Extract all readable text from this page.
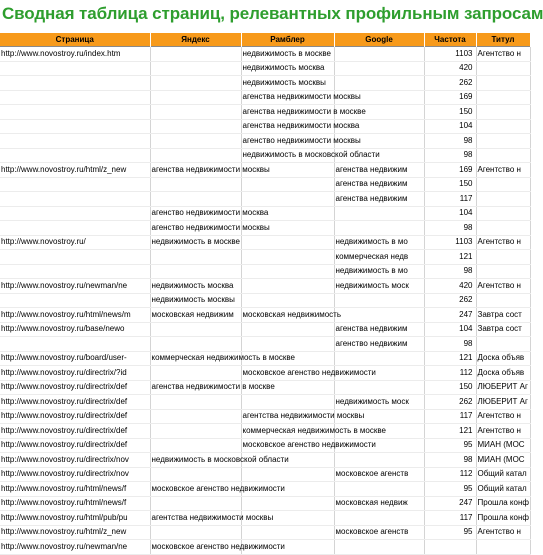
Сводная таблица страниц, релевантных профильным запросам
Страница	Яндекс	Рамблер	Google	Частота	Титул
http://www.novostroy.ru/index.htm		недвижимость в москве		1103	Агентство н
		недвижимость москва		420	
		недвижимость москвы		262	
		агенства недвижимости москвы		169	
		агенства недвижимости в москве		150	
		агенства недвижимости москва		104	
		агенство недвижимости москвы		98	
		недвижимость в московской области		98	
http://www.novostroy.ru/html/z_new	агенства недвижимости москвы		агенства недвижим	169	Агентство н
			агенства недвижим	150	
			агенства недвижим	117	
	агенство недвижимости москва			104	
	агенство недвижимости москвы			98	
http://www.novostroy.ru/	недвижимость в москве		недвижимость в мо	1103	Агентство н
			коммерческая недв	121	
			недвижимость в мо	98	
http://www.novostroy.ru/newman/ne	недвижимость москва		недвижимость моск	420	Агентство н
	недвижимость москвы			262	
http://www.novostroy.ru/html/news/m	московская недвижим	московская недвижимость		247	Завтра сост
http://www.novostroy.ru/base/newo			агенства недвижим	104	Завтра сост
			агенство недвижим	98	
http://www.novostroy.ru/board/user-	коммерческая недвижимость в москве			121	Доска объяв
http://www.novostroy.ru/directrix/?id		московское агенство недвижимости		112	Доска объяв
http://www.novostroy.ru/directrix/def	агенства недвижимости в москве			150	ЛЮБЕРИТ Аг
http://www.novostroy.ru/directrix/def			недвижимость моск	262	ЛЮБЕРИТ Аг
http://www.novostroy.ru/directrix/def		агентства недвижимости москвы		117	Агентство н
http://www.novostroy.ru/directrix/def		коммерческая недвижимость в москве		121	Агентство н
http://www.novostroy.ru/directrix/def		московское агенство недвижимости		95	МИАН (МОС
http://www.novostroy.ru/directrix/nov	недвижимость в московской области			98	МИАН (МОС
http://www.novostroy.ru/directrix/nov			московское агенств	112	Общий катал
http://www.novostroy.ru/html/news/f	московское агенство недвижимости			95	Общий катал
http://www.novostroy.ru/html/news/f			московская недвиж	247	Прошла конф
http://www.novostroy.ru/html/pub/pu	агентства недвижимости москвы			117	Прошла конф
http://www.novostroy.ru/html/z_new			московское агенств	95	Агентство н
http://www.novostroy.ru/newman/ne	московское агенство недвижимости				
